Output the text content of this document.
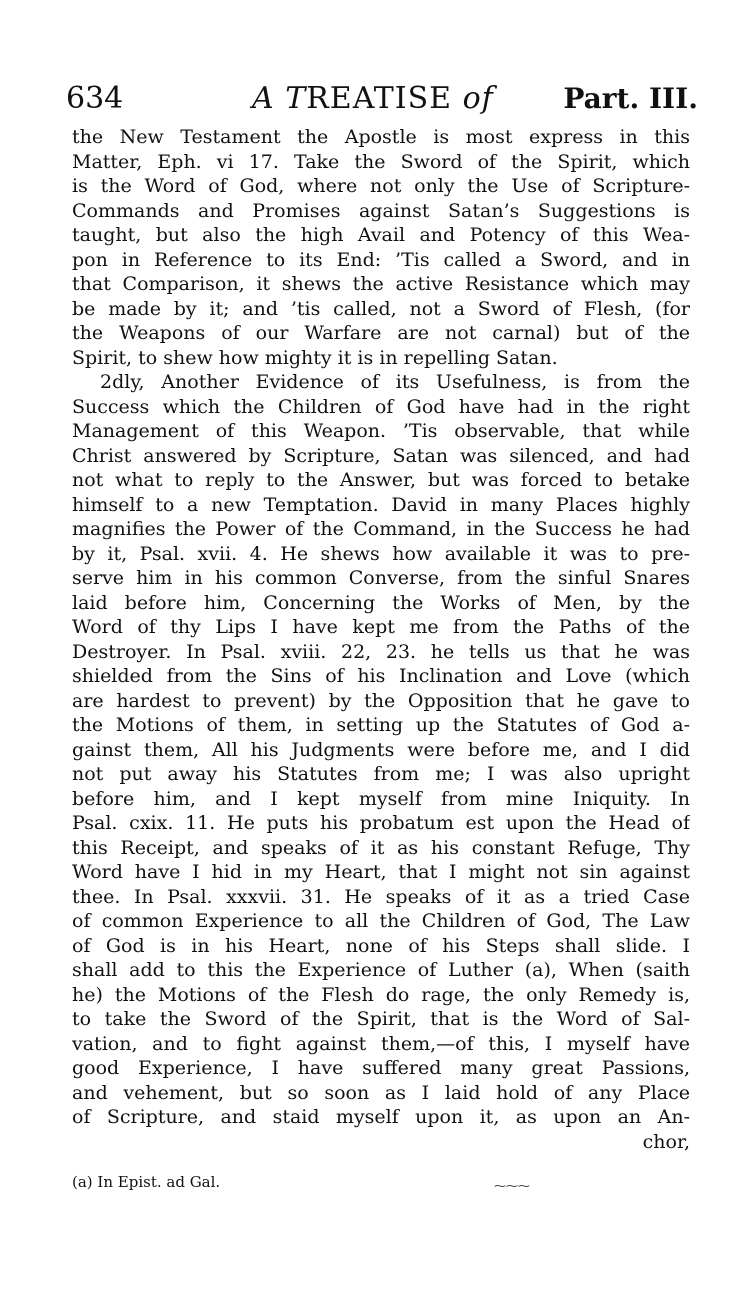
634	A TREATISE of Part. III.
the New Testament the Apostle is most express in this
Matter, Eph. vi 17. Take the Sword of the Spirit, which
is the Word of God, where not only the Use of Scripture-
Commands and Promises against Satan’s Suggestions is
taught, but also the high Avail and Potency of this Wea-
pon in Reference to its End: ’Tis called a Sword, and in
that Comparison, it shews the active Resistance which may
be made by it; and ’tis called, not a Sword of Flesh, (for
the Weapons of our Warfare are not carnal) but of the
Spirit, to shew how mighty it is in repelling Satan.
2dly, Another Evidence of its Usefulness, is from the
Success which the Children of God have had in the right
Management of this Weapon. ’Tis observable, that while
Christ answered by Scripture, Satan was silenced, and had
not what to reply to the Answer, but was forced to betake
himself to a new Temptation. David in many Places highly
magnifies the Power of the Command, in the Success he had
by it, Psal. xvii. 4. He shews how available it was to pre-
serve him in his common Converse, from the sinful Snares
laid before him, Concerning the Works of Men, by the
Word of thy Lips I have kept me from the Paths of the
Destroyer. In Psal. xviii. 22, 23. he tells us that he was
shielded from the Sins of his Inclination and Love (which
are hardest to prevent) by the Opposition that he gave to
the Motions of them, in setting up the Statutes of God a-
gainst them, All his Judgments were before me, and I did
not put away his Statutes from me; I was also upright
before him, and I kept myself from mine Iniquity. In
Psal. cxix. 11. He puts his probatum est upon the Head of
this Receipt, and speaks of it as his constant Refuge, Thy
Word have I hid in my Heart, that I might not sin against
thee. In Psal. xxxvii. 31. He speaks of it as a tried Case
of common Experience to all the Children of God, The Law
of God is in his Heart, none of his Steps shall slide. I
shall add to this the Experience of Luther (a), When (saith
he) the Motions of the Flesh do rage, the only Remedy is,
to take the Sword of the Spirit, that is the Word of Sal-
vation, and to fight against them,—of this, I myself have
good Experience, I have suffered many great Passions,
and vehement, but so soon as I laid hold of any Place
of Scripture, and staid myself upon it, as upon an An-
chor,
(a) In Epist. ad Gal.	⁓⁓⁓
